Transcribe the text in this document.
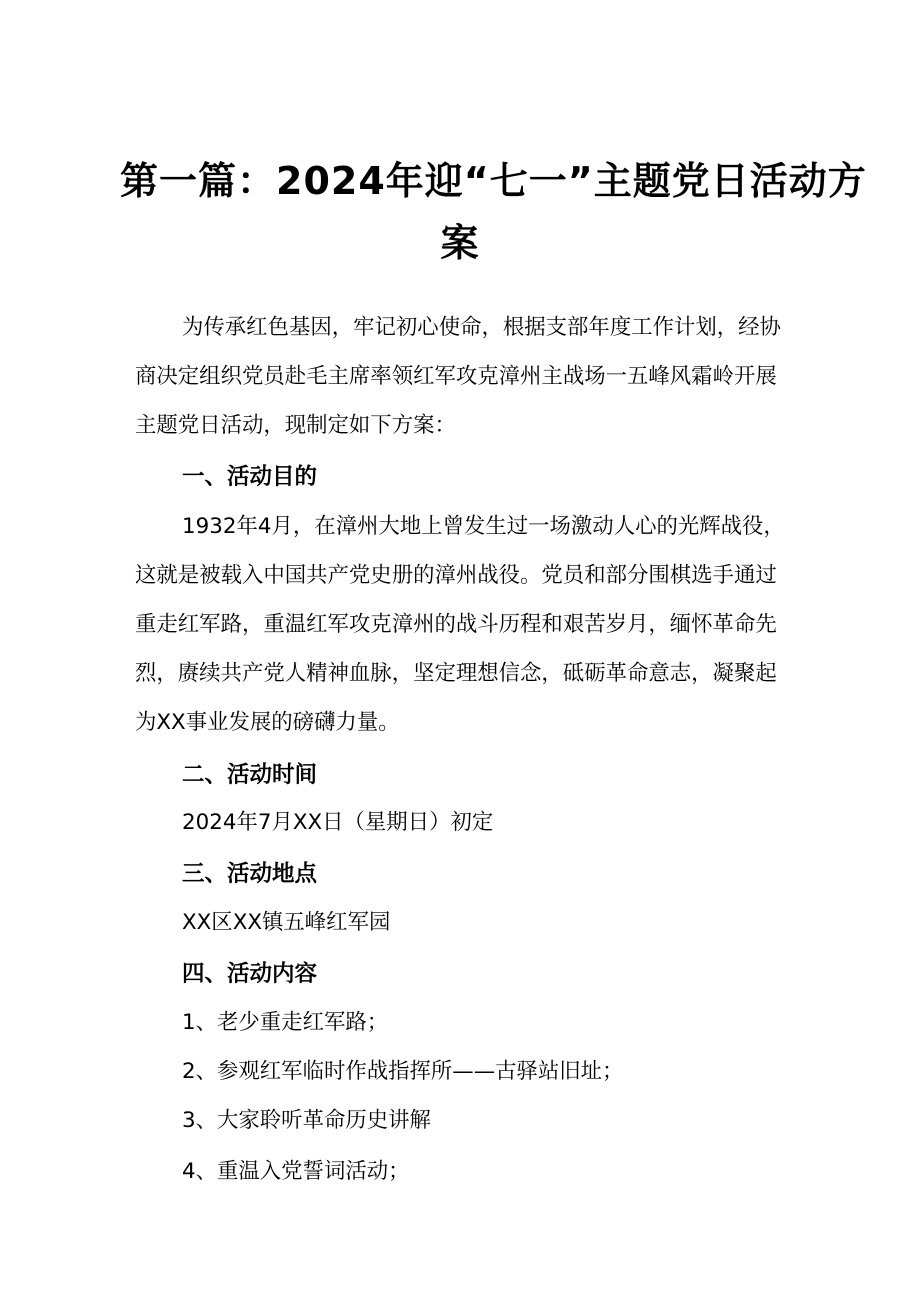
第一篇：2024年迎“七一”主题党日活动方
案
为传承红色基因，牢记初心使命，根据支部年度工作计划，经协
商决定组织党员赴毛主席率领红军攻克漳州主战场一五峰风霜岭开展
主题党日活动，现制定如下方案：
一、活动目的
1932年4月，在漳州大地上曾发生过一场激动人心的光辉战役，
这就是被载入中国共产党史册的漳州战役。党员和部分围棋选手通过
重走红军路，重温红军攻克漳州的战斗历程和艰苦岁月，缅怀革命先
烈，赓续共产党人精神血脉，坚定理想信念，砥砺革命意志，凝聚起
为XX事业发展的磅礴力量。
二、活动时间
2024年7月XX日（星期日）初定
三、活动地点
XX区XX镇五峰红军园
四、活动内容
1、老少重走红军路；
2、参观红军临时作战指挥所——古驿站旧址；
3、大家聆听革命历史讲解
4、重温入党誓词活动；
